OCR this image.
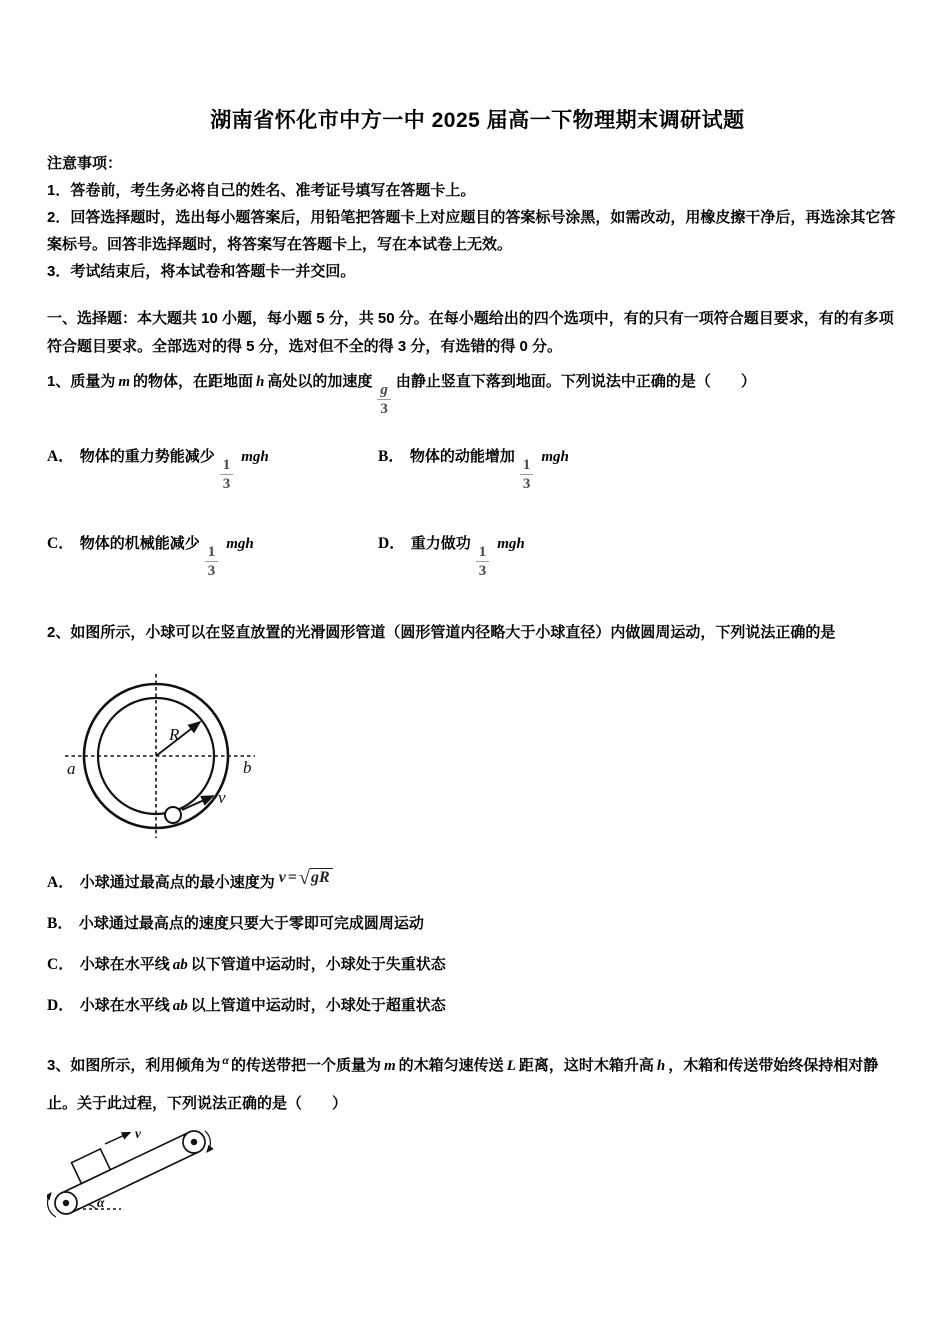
湖南省怀化市中方一中 2025 届高一下物理期末调研试题

注意事项：

1．答卷前，考生务必将自己的姓名、准考证号填写在答题卡上。

2．回答选择题时，选出每小题答案后，用铅笔把答题卡上对应题目的答案标号涂黑，如需改动，用橡皮擦干净后，再选涂其它答案标号。回答非选择题时，将答案写在答题卡上，写在本试卷上无效。

3．考试结束后，将本试卷和答题卡一并交回。

一、选择题：本大题共 10 小题，每小题 5 分，共 50 分。在每小题给出的四个选项中，有的只有一项符合题目要求，有的有多项符合题目要求。全部选对的得 5 分，选对但不全的得 3 分，有选错的得 0 分。

1、质量为 m 的物体，在距地面 h 高处以的加速度 $\frac{g}{3}$ 由静止竖直下落到地面。下列说法中正确的是（　　）

A． 物体的重力势能减少 $\frac{1}{3}$ mgh	B． 物体的动能增加 $\frac{1}{3}$ mgh

C． 物体的机械能减少 $\frac{1}{3}$ mgh	D． 重力做功 $\frac{1}{3}$ mgh

2、如图所示，小球可以在竖直放置的光滑圆形管道（圆形管道内径略大于小球直径）内做圆周运动，下列说法正确的是

R
a	b
v

A． 小球通过最高点的最小速度为 v = √gR

B． 小球通过最高点的速度只要大于零即可完成圆周运动

C． 小球在水平线 ab 以下管道中运动时，小球处于失重状态

D． 小球在水平线 ab 以上管道中运动时，小球处于超重状态

3、如图所示，利用倾角为 $^\alpha$ 的传送带把一个质量为 m 的木箱匀速传送 L 距离，这时木箱升高 h ，木箱和传送带始终保持相对静止。关于此过程，下列说法正确的是（　　）

v
α
